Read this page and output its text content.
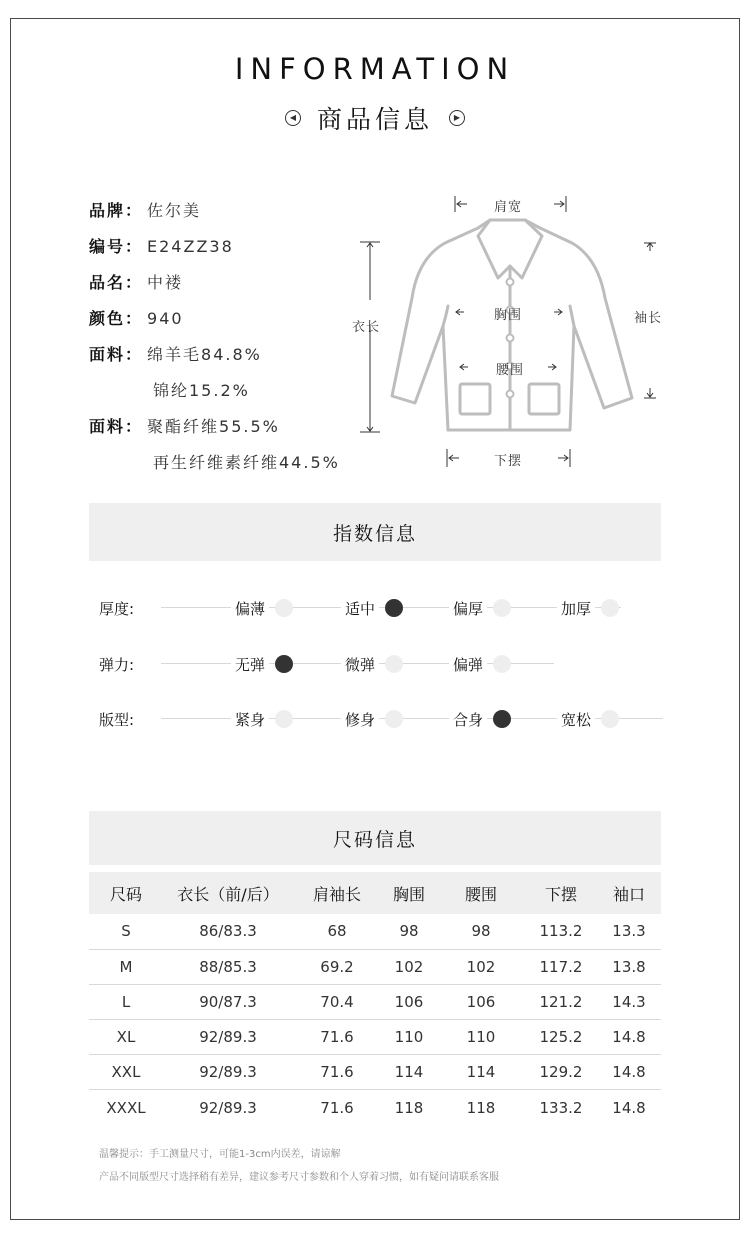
INFORMATION
◀ 商品信息	▶
品牌： 佐尔美
编号： E24ZZ38
品名： 中褛
颜色： 940
面料： 绵羊毛84.8%
锦纶15.2%
面料： 聚酯纤维55.5%
再生纤维素纤维44.5%
肩宽
衣长
胸围
腰围
袖长
下摆
指数信息
厚度:	偏薄	适中	偏厚	加厚
弹力:	无弹	微弹	偏弹
版型:	紧身	修身	合身	宽松
尺码信息
尺码	衣长（前/后）	肩袖长	胸围	腰围	下摆	袖口
S	86/83.3	68	98	98	113.2	13.3
M	88/85.3	69.2	102	102	117.2	13.8
L	90/87.3	70.4	106	106	121.2	14.3
XL	92/89.3	71.6	110	110	125.2	14.8
XXL	92/89.3	71.6	114	114	129.2	14.8
XXXL	92/89.3	71.6	118	118	133.2	14.8
温馨提示：手工测量尺寸，可能1-3cm内误差，请谅解
产品不同版型尺寸选择稍有差异，建议参考尺寸参数和个人穿着习惯，如有疑问请联系客服
